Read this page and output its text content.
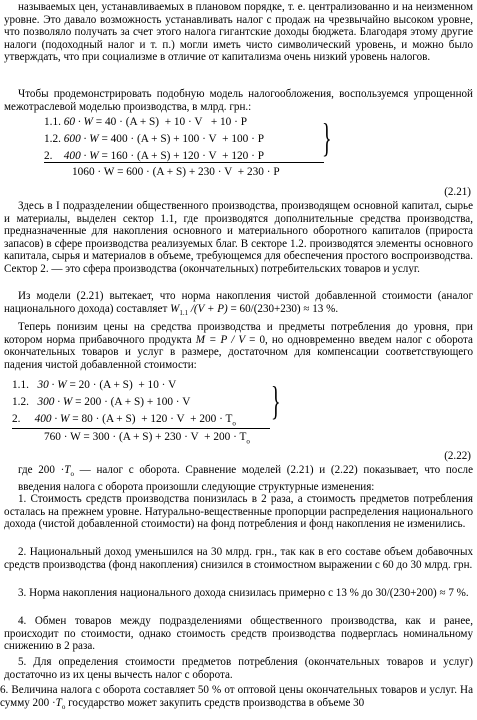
называемых цен, устанавливаемых в плановом порядке, т. е. централизованно и на неизменном уровне. Это давало возможность устанавливать налог с продаж на чрезвычайно высоком уровне, что позволяло получать за счет этого налога гигантские доходы бюджета. Благодаря этому другие налоги (подоходный налог и т. п.) могли иметь чисто символический уровень, и можно было утверждать, что при социализме в отличие от капитализма очень низкий уровень налогов.
Чтобы продемонстрировать подобную модель налогообложения, воспользуемся упрощенной межотраслевой моделью производства, в млрд. грн.:
1.1. 60 · W = 40 · (A + S)  + 10 · V   + 10 · P
1.2. 600 · W = 400 · (A + S) + 100 · V  + 100 · P
2. 400 · W = 160 · (A + S) + 120 · V  + 120 · P
1060 · W = 600 · (A + S) + 230 · V  + 230 · P
}
(2.21)
Здесь в I подразделении общественного производства, производящем основной капитал, сырье и материалы, выделен сектор 1.1, где производятся дополнительные средства производства, предназначенные для накопления основного и материального оборотного капиталов (прироста запасов) в сфере производства реализуемых благ. В секторе 1.2. производятся элементы основного капитала, сырья и материалов в объеме, требующемся для обеспечения простого воспроизводства. Сектор 2. — это сфера производства (окончательных) потребительских товаров и услуг.
Из модели (2.21) вытекает, что норма накопления чистой добавленной стоимости (аналог национального дохода) составляет $W_{1.1}$ /(V + P) = 60/(230+230) ≈ 13 %.
Теперь понизим цены на средства производства и предметы потребления до уровня, при котором норма прибавочного продукта M = P / V = 0, но одновременно введем налог с оборота окончательных товаров и услуг в размере, достаточном для компенсации соответствующего падения чистой добавленной стоимости:
1.1. 30 · W = 20 · (A + S)  + 10 · V
1.2. 300 · W = 200 · (A + S) + 100 · V
2. $400 \cdot W = 80 \cdot (A + S) + 120 \cdot V + 200 \cdot T_o$
$760 \cdot W = 300 \cdot (A + S) + 230 \cdot V + 200 \cdot T_o$
}
(2.22)
где $200 \cdot T_o$ — налог с оборота. Сравнение моделей (2.21) и (2.22) показывает, что после введения налога с оборота произошли следующие структурные изменения:
1. Стоимость средств производства понизилась в 2 раза, а стоимость предметов потребления осталась на прежнем уровне. Натурально-вещественные пропорции распределения национального дохода (чистой добавленной стоимости) на фонд потребления и фонд накопления не изменились.
2. Национальный доход уменьшился на 30 млрд. грн., так как в его составе объем добавочных средств производства (фонд накопления) снизился в стоимостном выражении с 60 до 30 млрд. грн.
3. Норма накопления национального дохода снизилась примерно с 13 % до 30/(230+200) ≈ 7 %.
4. Обмен товаров между подразделениями общественного производства, как и ранее, происходит по стоимости, однако стоимость средств производства подверглась номинальному снижению в 2 раза.
5. Для определения стоимости предметов потребления (окончательных товаров и услуг) достаточно из их цены вычесть налог с оборота.
6. Величина налога с оборота составляет 50 % от оптовой цены окончательных товаров и услуг. На сумму $200 \cdot T_o$ государство может закупить средств производства в объеме 30
